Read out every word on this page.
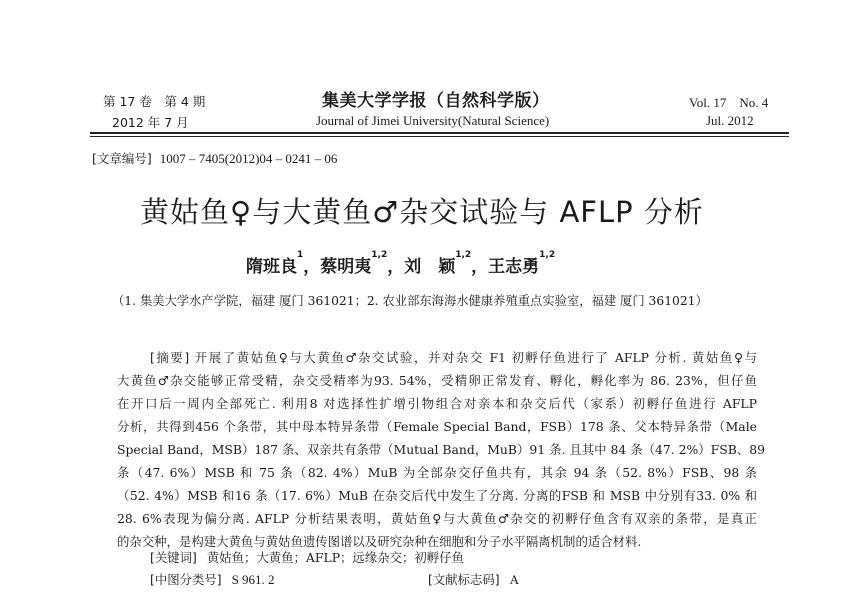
第 17 卷　第 4 期
2012 年 7 月
集美大学学报（自然科学版）
Journal of Jimei University(Natural Science)
Vol. 17　No. 4
Jul. 2012
[文章编号] 1007 – 7405(2012)04 – 0241 – 06
黄姑鱼♀与大黄鱼♂杂交试验与 AFLP 分析
隋班良$^1$，蔡明夷$^{1,2}$，刘　颖$^{1,2}$，王志勇$^{1,2}$
（1. 集美大学水产学院，福建 厦门 361021；2. 农业部东海海水健康养殖重点实验室，福建 厦门 361021）
[摘要] 开展了黄姑鱼♀与大黄鱼♂杂交试验，并对杂交 F1 初孵仔鱼进行了 AFLP 分析. 黄姑鱼♀与
大黄鱼♂杂交能够正常受精，杂交受精率为93. 54%，受精卵正常发育、孵化，孵化率为 86. 23%，但仔鱼
在开口后一周内全部死亡. 利用8 对选择性扩增引物组合对亲本和杂交后代（家系）初孵仔鱼进行 AFLP
分析，共得到456 个条带，其中母本特异条带（Female Special Band，FSB）178 条、父本特异条带（Male
Special Band，MSB）187 条、双亲共有条带（Mutual Band，MuB）91 条. 且其中 84 条（47. 2%）FSB、89
条（47. 6%）MSB 和 75 条（82. 4%）MuB 为全部杂交仔鱼共有，其余 94 条（52. 8%）FSB、98 条
（52. 4%）MSB 和16 条（17. 6%）MuB 在杂交后代中发生了分离. 分离的FSB 和 MSB 中分别有33. 0% 和
28. 6%表现为偏分离. AFLP 分析结果表明，黄姑鱼♀与大黄鱼♂杂交的初孵仔鱼含有双亲的条带，是真正
的杂交种，是构建大黄鱼与黄姑鱼遗传图谱以及研究杂种在细胞和分子水平隔离机制的适合材料.
[关键词] 黄姑鱼；大黄鱼；AFLP；远缘杂交；初孵仔鱼
[中图分类号] S 961. 2	[文献标志码] A
